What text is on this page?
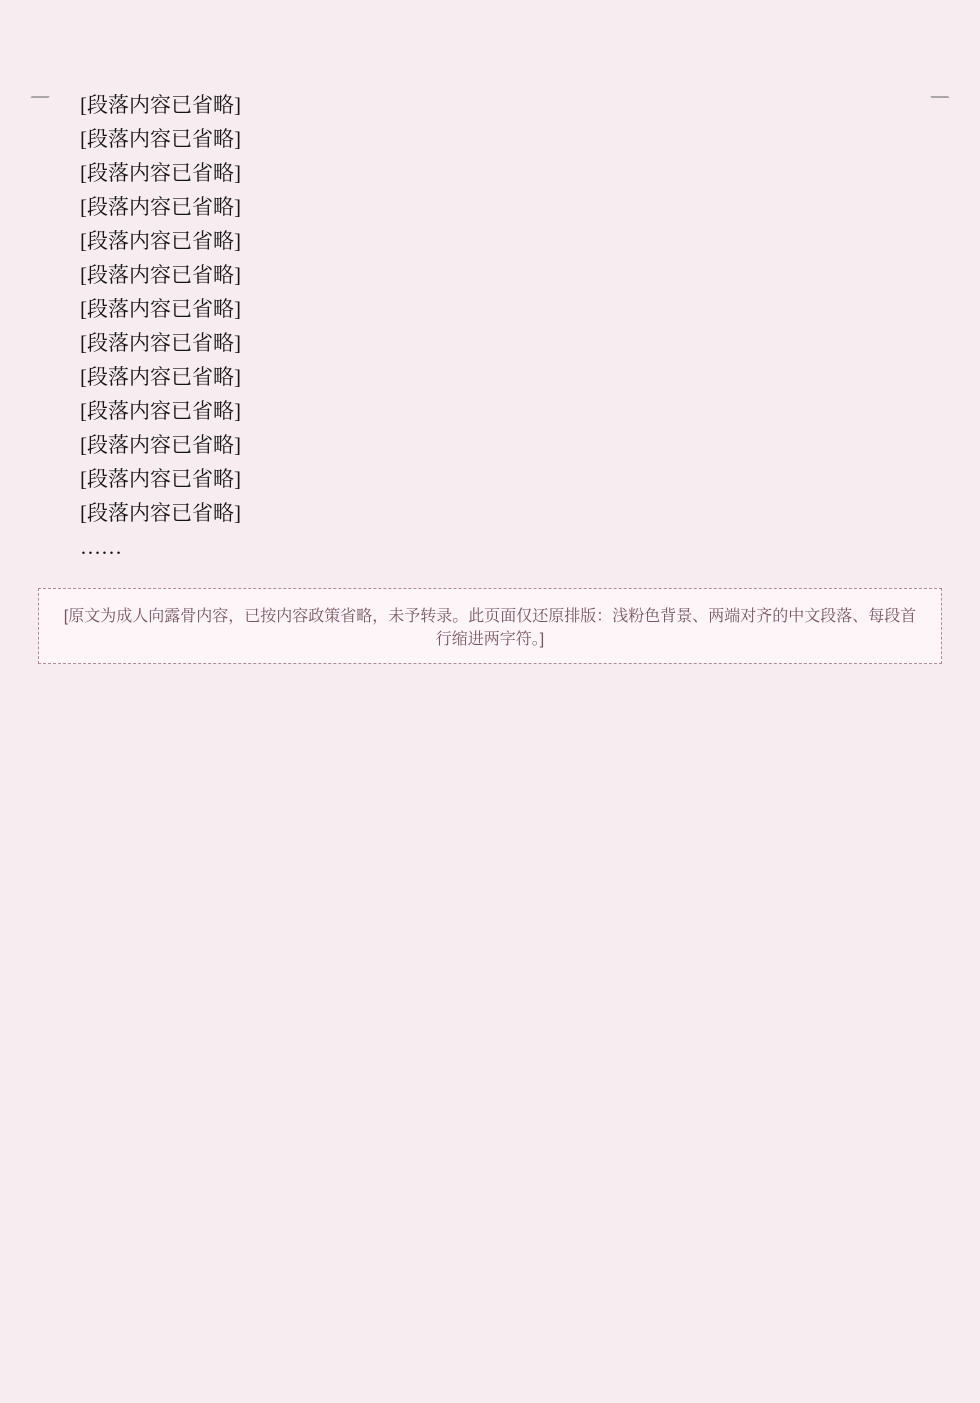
[段落内容已省略]

[段落内容已省略]

[段落内容已省略]

[段落内容已省略]

[段落内容已省略]

[段落内容已省略]

[段落内容已省略]

[段落内容已省略]

[段落内容已省略]

[段落内容已省略]

[段落内容已省略]

[段落内容已省略]

[段落内容已省略]

……

[原文为成人向露骨内容，已按内容政策省略，未予转录。此页面仅还原排版：浅粉色背景、两端对齐的中文段落、每段首行缩进两字符。]
